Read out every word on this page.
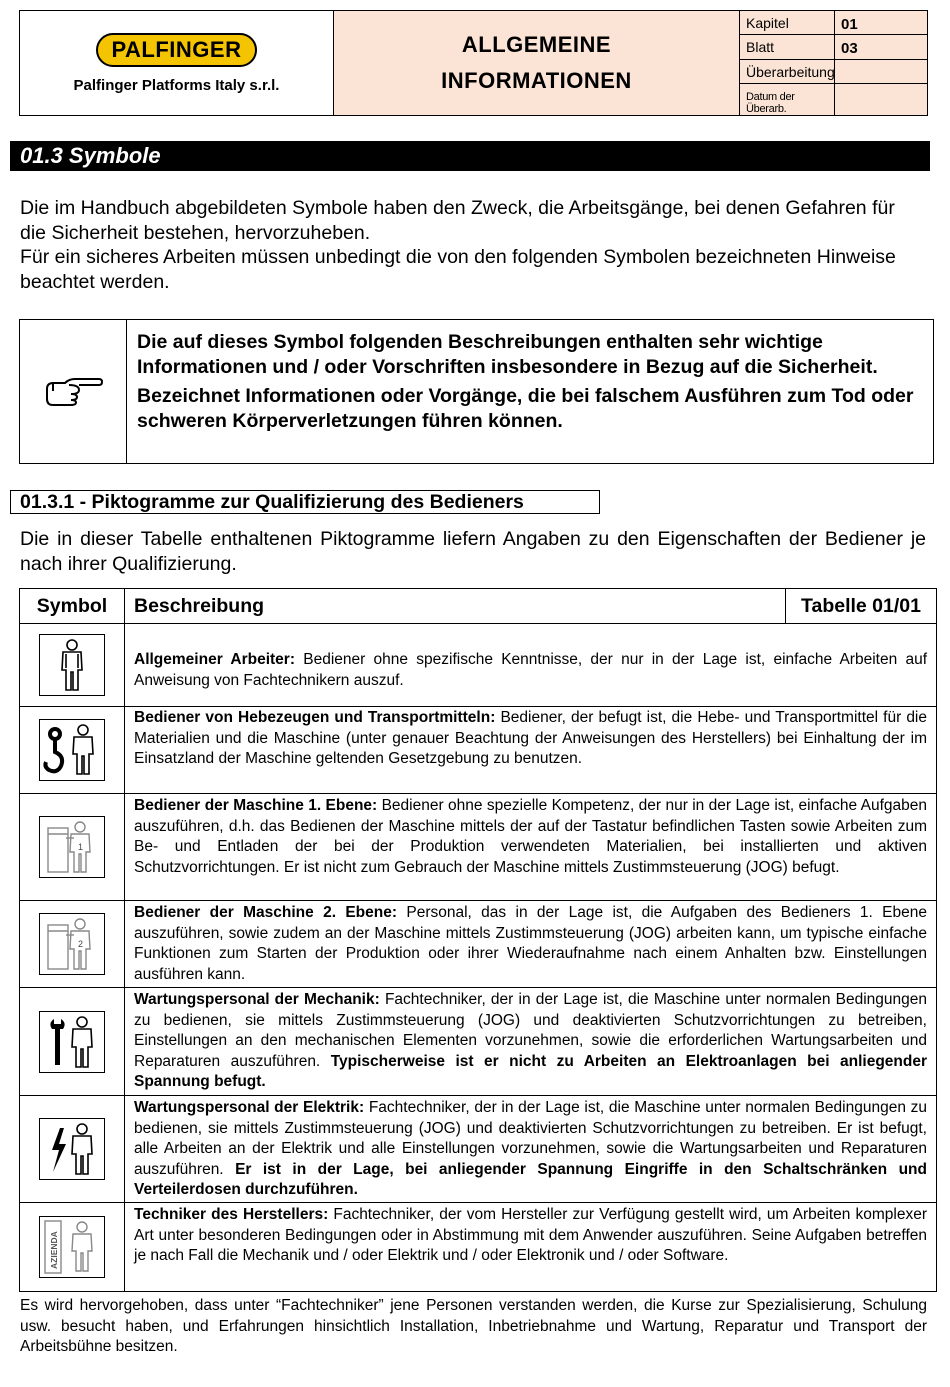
PALFINGER
Palfinger Platforms Italy s.r.l.
ALLGEMEINE
INFORMATIONEN
Kapitel	01
Blatt	03
Überarbeitung
Datum der Überarb.
01.3 Symbole

Die im Handbuch abgebildeten Symbole haben den Zweck, die Arbeitsgänge, bei denen Gefahren für die Sicherheit bestehen, hervorzuheben.

Für ein sicheres Arbeiten müssen unbedingt die von den folgenden Symbolen bezeichneten Hinweise beachtet werden.

Die auf dieses Symbol folgenden Beschreibungen enthalten sehr wichtige Informationen und / oder Vorschriften insbesondere in Bezug auf die Sicherheit.

Bezeichnet Informationen oder Vorgänge, die bei falschem Ausführen zum Tod oder schweren Körperverletzungen führen können.

01.3.1 - Piktogramme zur Qualifizierung des Bedieners

Die in dieser Tabelle enthaltenen Piktogramme liefern Angaben zu den Eigenschaften der Bediener je nach ihrer Qualifizierung.

Symbol	Beschreibung	Tabelle 01/01
Allgemeiner Arbeiter: Bediener ohne spezifische Kenntnisse, der nur in der Lage ist, einfache Arbeiten auf Anweisung von Fachtechnikern auszuf.
Bediener von Hebezeugen und Transportmitteln: Bediener, der befugt ist, die Hebe- und Transportmittel für die Materialien und die Maschine (unter genauer Beachtung der Anweisungen des Herstellers) bei Einhaltung der im Einsatzland der Maschine geltenden Gesetzgebung zu benutzen.
1
Bediener der Maschine 1. Ebene: Bediener ohne spezielle Kompetenz, der nur in der Lage ist, einfache Aufgaben auszuführen, d.h. das Bedienen der Maschine mittels der auf der Tastatur befindlichen Tasten sowie Arbeiten zum Be- und Entladen der bei der Produktion verwendeten Materialien, bei installierten und aktiven Schutzvorrichtungen. Er ist nicht zum Gebrauch der Maschine mittels Zustimmsteuerung (JOG) befugt.
2
Bediener der Maschine 2. Ebene: Personal, das in der Lage ist, die Aufgaben des Bedieners 1. Ebene auszuführen, sowie zudem an der Maschine mittels Zustimmsteuerung (JOG) arbeiten kann, um typische einfache Funktionen zum Starten der Produktion oder ihrer Wiederaufnahme nach einem Anhalten bzw. Einstellungen ausführen kann.
Wartungspersonal der Mechanik: Fachtechniker, der in der Lage ist, die Maschine unter normalen Bedingungen zu bedienen, sie mittels Zustimmsteuerung (JOG) und deaktivierten Schutzvorrichtungen zu betreiben, Einstellungen an den mechanischen Elementen vorzunehmen, sowie die erforderlichen Wartungsarbeiten und Reparaturen auszuführen. Typischerweise ist er nicht zu Arbeiten an Elektroanlagen bei anliegender Spannung befugt.
Wartungspersonal der Elektrik: Fachtechniker, der in der Lage ist, die Maschine unter normalen Bedingungen zu bedienen, sie mittels Zustimmsteuerung (JOG) und deaktivierten Schutzvorrichtungen zu betreiben. Er ist befugt, alle Arbeiten an der Elektrik und alle Einstellungen vorzunehmen, sowie die Wartungsarbeiten und Reparaturen auszuführen. Er ist in der Lage, bei anliegender Spannung Eingriffe in den Schaltschränken und Verteilerdosen durchzuführen.
AZIENDA
Techniker des Herstellers: Fachtechniker, der vom Hersteller zur Verfügung gestellt wird, um Arbeiten komplexer Art unter besonderen Bedingungen oder in Abstimmung mit dem Anwender auszuführen. Seine Aufgaben betreffen je nach Fall die Mechanik und / oder Elektrik und / oder Elektronik und / oder Software.

Es wird hervorgehoben, dass unter “Fachtechniker” jene Personen verstanden werden, die Kurse zur Spezialisierung, Schulung usw. besucht haben, und Erfahrungen hinsichtlich Installation, Inbetriebnahme und Wartung, Reparatur und Transport der Arbeitsbühne besitzen.
